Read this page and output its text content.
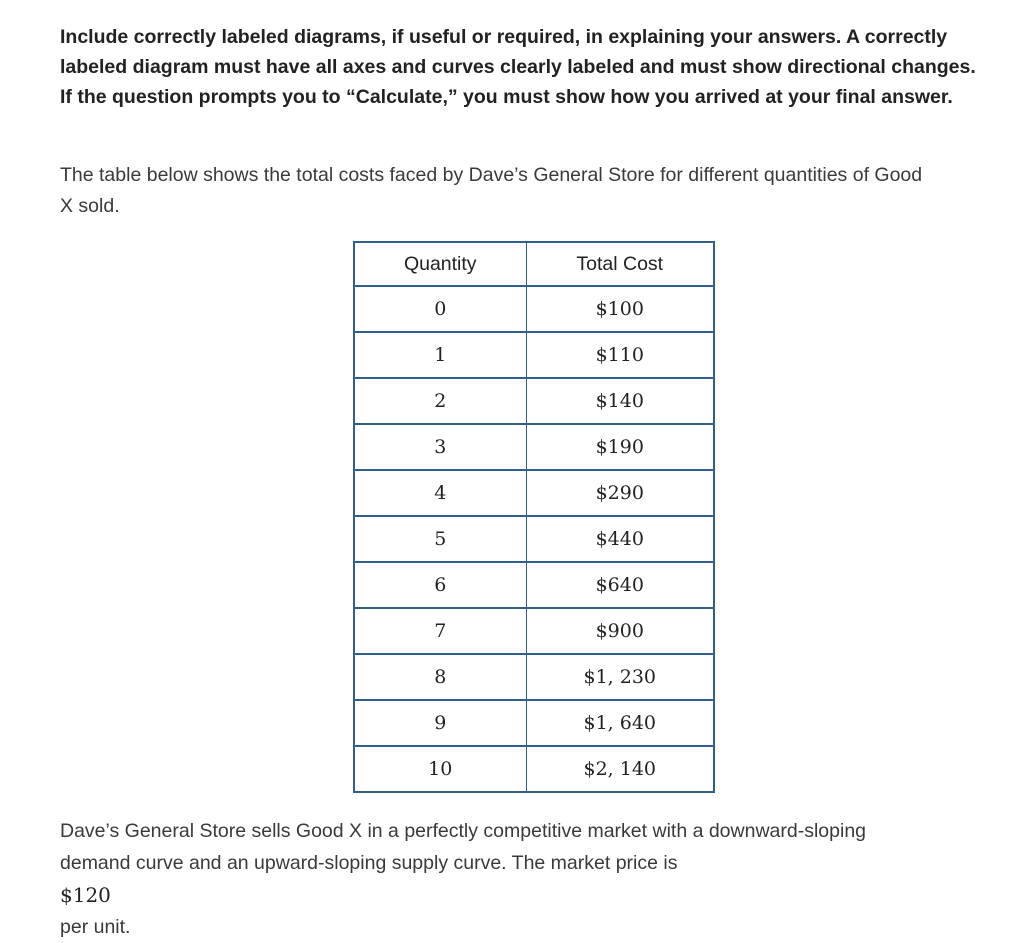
Include correctly labeled diagrams, if useful or required, in explaining your answers. A correctly
labeled diagram must have all axes and curves clearly labeled and must show directional changes.
If the question prompts you to “Calculate,” you must show how you arrived at your final answer.
The table below shows the total costs faced by Dave’s General Store for different quantities of Good
X sold.
Quantity	Total Cost
0	$100
1	$110
2	$140
3	$190
4	$290
5	$440
6	$640
7	$900
8	$1, 230
9	$1, 640
10	$2, 140
Dave’s General Store sells Good X in a perfectly competitive market with a downward-sloping
demand curve and an upward-sloping supply curve. The market price is
$120
per unit.
